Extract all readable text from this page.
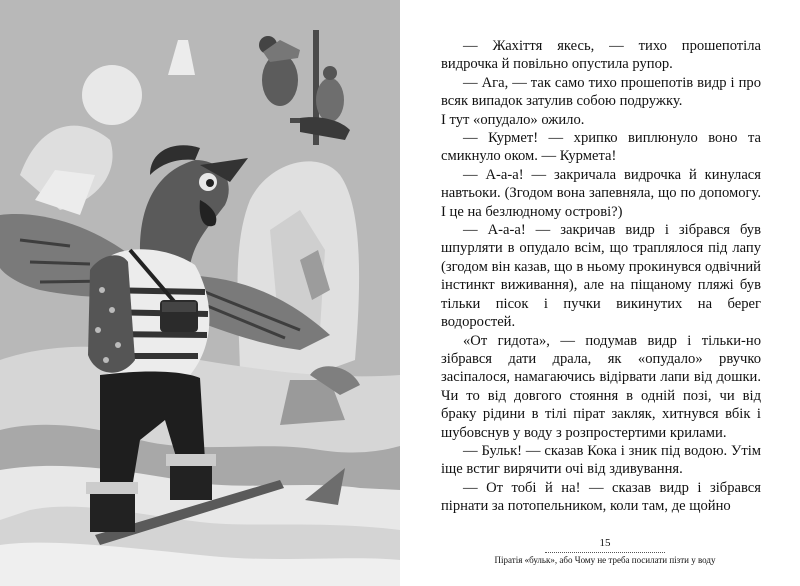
— Жахіття якесь, — тихо прошепотіла видрочка й повільно опустила рупор.

— Ага, — так само тихо прошепотів видр і про всяк випадок затулив собою подружку.

І тут «опудало» ожило.

— Курмет! — хрипко виплюнуло воно та смикнуло оком. — Курмета!

— А-а-а! — закричала видрочка й кинулася навтьоки. (Згодом вона запевняла, що по допомогу. І це на безлюдному острові?)

— А-а-а! — закричав видр і зібрався був шпурляти в опудало всім, що траплялося під лапу (згодом він казав, що в ньому прокинувся одвічний інстинкт виживання), але на піщаному пляжі був тільки пісок і пучки викинутих на берег водоростей.

«От гидота», — подумав видр і тільки-но зібрався дати драла, як «опудало» рвучко засіпалося, намагаючись відірвати лапи від дошки. Чи то від довгого стояння в одній позі, чи від браку рідини в тілі пірат закляк, хитнувся вбік і шубовснув у воду з розпростертими крилами.

— Бульк! — сказав Кока і зник під водою. Утім іще встиг вирячити очі від здивування.

— От тобі й на! — сказав видр і зібрався пірнати за потопельником, коли там, де щойно

15
Піратія «бульк», або Чому не треба посилати пізти у воду
